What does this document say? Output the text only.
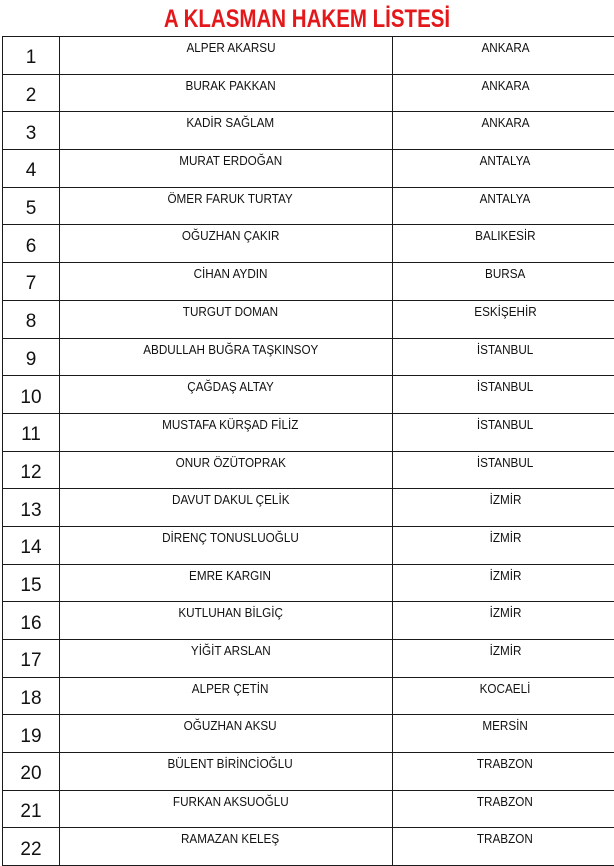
A KLASMAN HAKEM LİSTESİ
1	ALPER AKARSU	ANKARA
2	BURAK PAKKAN	ANKARA
3	KADİR SAĞLAM	ANKARA
4	MURAT ERDOĞAN	ANTALYA
5	ÖMER FARUK TURTAY	ANTALYA
6	OĞUZHAN ÇAKIR	BALIKESİR
7	CİHAN AYDIN	BURSA
8	TURGUT DOMAN	ESKİŞEHİR
9	ABDULLAH BUĞRA TAŞKINSOY	İSTANBUL
10	ÇAĞDAŞ ALTAY	İSTANBUL
11	MUSTAFA KÜRŞAD FİLİZ	İSTANBUL
12	ONUR ÖZÜTOPRAK	İSTANBUL
13	DAVUT DAKUL ÇELİK	İZMİR
14	DİRENÇ TONUSLUOĞLU	İZMİR
15	EMRE KARGIN	İZMİR
16	KUTLUHAN BİLGİÇ	İZMİR
17	YİĞİT ARSLAN	İZMİR
18	ALPER ÇETİN	KOCAELİ
19	OĞUZHAN AKSU	MERSİN
20	BÜLENT BİRİNCİOĞLU	TRABZON
21	FURKAN AKSUOĞLU	TRABZON
22	RAMAZAN KELEŞ	TRABZON
